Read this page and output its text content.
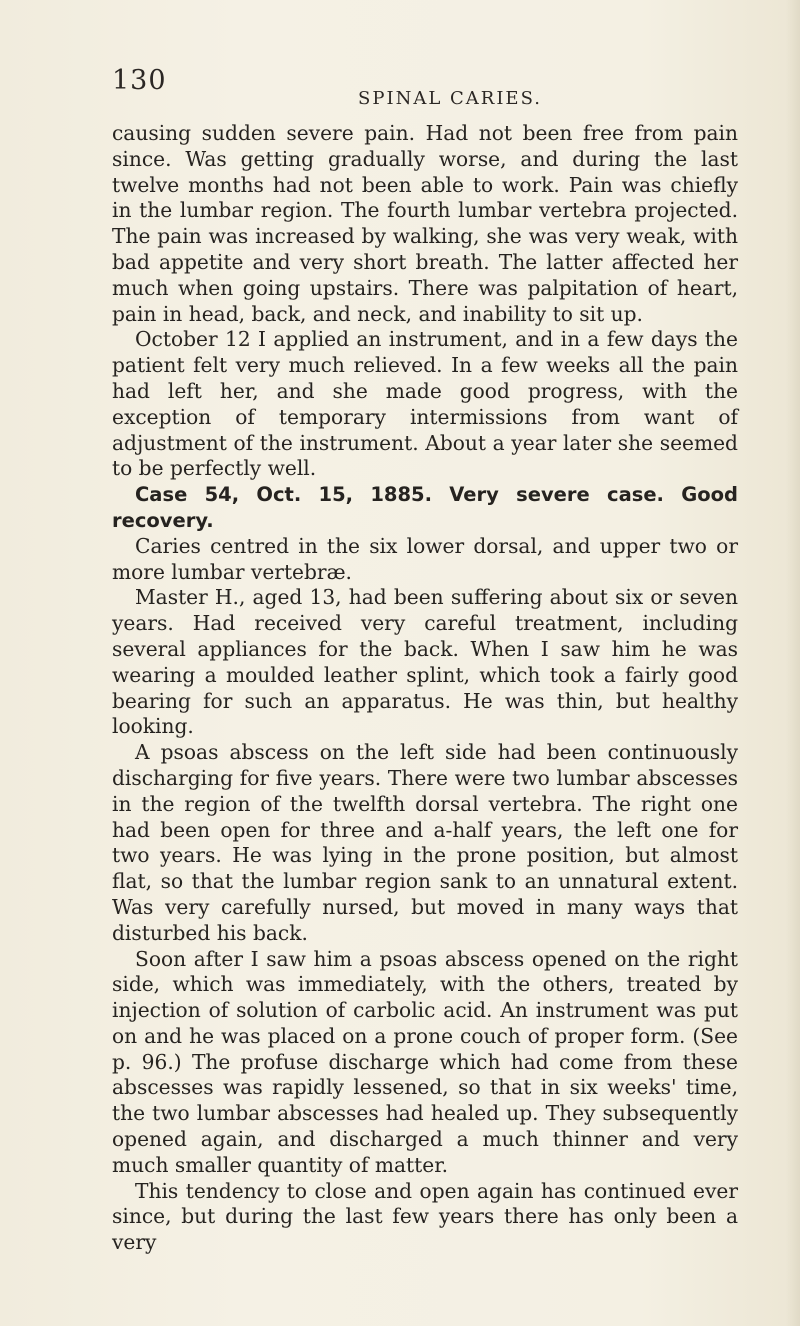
130
SPINAL CARIES.

causing sudden severe pain. Had not been free from pain since. Was getting gradually worse, and during the last twelve months had not been able to work. Pain was chiefly in the lumbar region. The fourth lumbar vertebra projected. The pain was increased by walking, she was very weak, with bad appetite and very short breath. The latter affected her much when going upstairs. There was palpitation of heart, pain in head, back, and neck, and inability to sit up.

October 12 I applied an instrument, and in a few days the patient felt very much relieved. In a few weeks all the pain had left her, and she made good progress, with the exception of temporary intermissions from want of adjustment of the instrument. About a year later she seemed to be perfectly well.

Case 54, Oct. 15, 1885. Very severe case. Good recovery.

Caries centred in the six lower dorsal, and upper two or more lumbar vertebræ.

Master H., aged 13, had been suffering about six or seven years. Had received very careful treatment, including several appliances for the back. When I saw him he was wearing a moulded leather splint, which took a fairly good bearing for such an apparatus. He was thin, but healthy looking.

A psoas abscess on the left side had been continuously discharging for five years. There were two lumbar abscesses in the region of the twelfth dorsal vertebra. The right one had been open for three and a-half years, the left one for two years. He was lying in the prone position, but almost flat, so that the lumbar region sank to an unnatural extent. Was very carefully nursed, but moved in many ways that disturbed his back.

Soon after I saw him a psoas abscess opened on the right side, which was immediately, with the others, treated by injection of solution of carbolic acid. An instrument was put on and he was placed on a prone couch of proper form. (See p. 96.) The profuse discharge which had come from these abscesses was rapidly lessened, so that in six weeks' time, the two lumbar abscesses had healed up. They subsequently opened again, and discharged a much thinner and very much smaller quantity of matter.

This tendency to close and open again has continued ever since, but during the last few years there has only been a very
